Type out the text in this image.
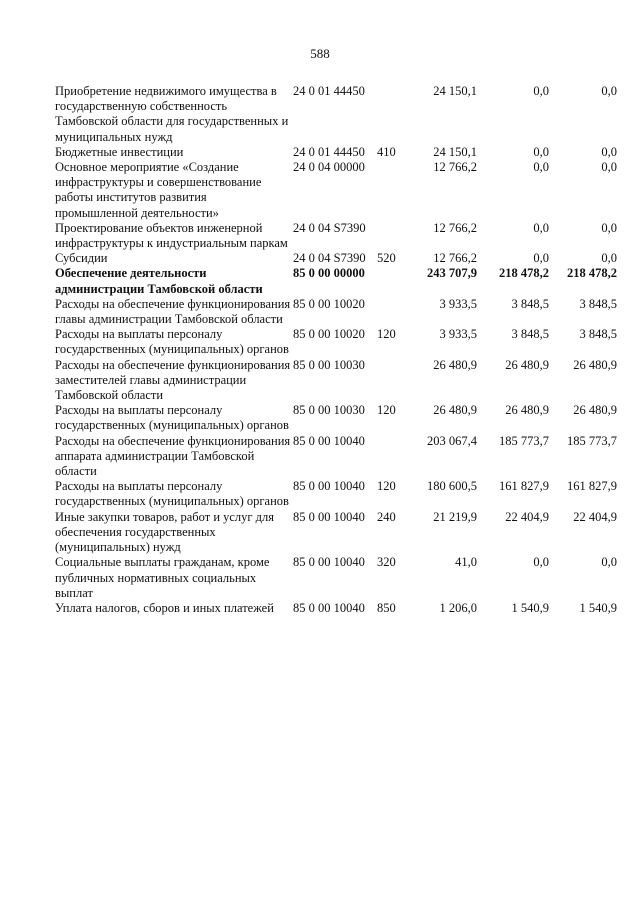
588
Приобретение недвижимого имущества в государственную собственность Тамбовской области для государственных и муниципальных нужд	24 0 01 44450		24 150,1	0,0	0,0
Бюджетные инвестиции	24 0 01 44450	410	24 150,1	0,0	0,0
Основное мероприятие «Создание инфраструктуры и совершенствование работы институтов развития промышленной деятельности»	24 0 04 00000		12 766,2	0,0	0,0
Проектирование объектов инженерной инфраструктуры к индустриальным паркам	24 0 04 S7390		12 766,2	0,0	0,0
Субсидии	24 0 04 S7390	520	12 766,2	0,0	0,0
Обеспечение деятельности администрации Тамбовской области	85 0 00 00000		243 707,9	218 478,2	218 478,2
Расходы на обеспечение функционирования главы администрации Тамбовской области	85 0 00 10020		3 933,5	3 848,5	3 848,5
Расходы на выплаты персоналу государственных (муниципальных) органов	85 0 00 10020	120	3 933,5	3 848,5	3 848,5
Расходы на обеспечение функционирования заместителей главы администрации Тамбовской области	85 0 00 10030		26 480,9	26 480,9	26 480,9
Расходы на выплаты персоналу государственных (муниципальных) органов	85 0 00 10030	120	26 480,9	26 480,9	26 480,9
Расходы на обеспечение функционирования аппарата администрации Тамбовской области	85 0 00 10040		203 067,4	185 773,7	185 773,7
Расходы на выплаты персоналу государственных (муниципальных) органов	85 0 00 10040	120	180 600,5	161 827,9	161 827,9
Иные закупки товаров, работ и услуг для обеспечения государственных (муниципальных) нужд	85 0 00 10040	240	21 219,9	22 404,9	22 404,9
Социальные выплаты гражданам, кроме публичных нормативных социальных выплат	85 0 00 10040	320	41,0	0,0	0,0
Уплата налогов, сборов и иных платежей	85 0 00 10040	850	1 206,0	1 540,9	1 540,9
